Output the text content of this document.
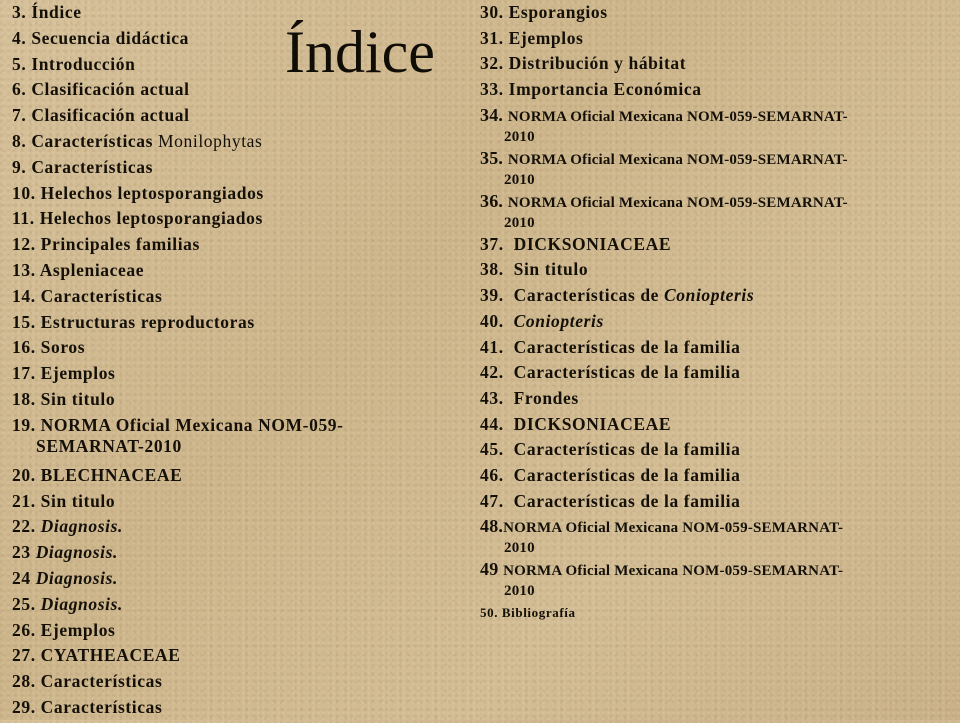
Índice
3. Índice
4. Secuencia didáctica
5. Introducción
6. Clasificación actual
7. Clasificación actual
8. Características Monilophytas
9. Características
10. Helechos leptosporangiados
11. Helechos leptosporangiados
12. Principales familias
13. Aspleniaceae
14. Características
15. Estructuras reproductoras
16. Soros
17. Ejemplos
18. Sin titulo
19. NORMA Oficial Mexicana NOM-059-
SEMARNAT-2010
20. BLECHNACEAE
21. Sin titulo
22. Diagnosis.
23 Diagnosis.
24 Diagnosis.
25. Diagnosis.
26. Ejemplos
27. CYATHEACEAE
28. Características
29. Características
30. Esporangios
31. Ejemplos
32. Distribución y hábitat
33. Importancia Económica
34. NORMA Oficial Mexicana NOM-059-SEMARNAT-
2010
35. NORMA Oficial Mexicana NOM-059-SEMARNAT-
2010
36. NORMA Oficial Mexicana NOM-059-SEMARNAT-
2010
37.  DICKSONIACEAE
38.  Sin titulo
39.  Características de Coniopteris
40.  Coniopteris
41.  Características de la familia
42.  Características de la familia
43.  Frondes
44.  DICKSONIACEAE
45.  Características de la familia
46.  Características de la familia
47.  Características de la familia
48.NORMA Oficial Mexicana NOM-059-SEMARNAT-
2010
49 NORMA Oficial Mexicana NOM-059-SEMARNAT-
2010
50. Bibliografía
